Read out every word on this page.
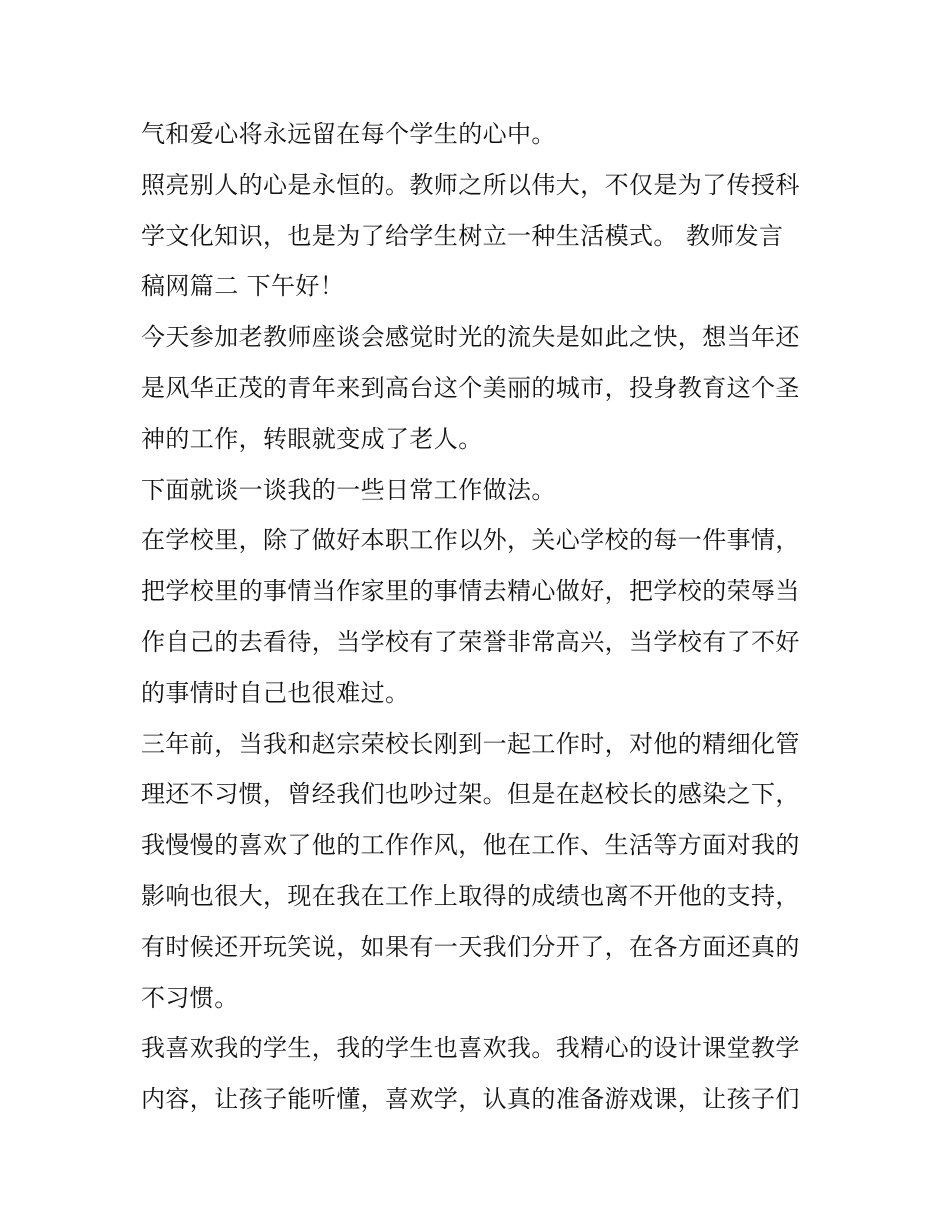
气和爱心将永远留在每个学生的心中。
照亮别人的心是永恒的。教师之所以伟大，不仅是为了传授科
学文化知识，也是为了给学生树立一种生活模式。 教师发言
稿网篇二 下午好！
今天参加老教师座谈会感觉时光的流失是如此之快，想当年还
是风华正茂的青年来到高台这个美丽的城市，投身教育这个圣
神的工作，转眼就变成了老人。
下面就谈一谈我的一些日常工作做法。
在学校里，除了做好本职工作以外，关心学校的每一件事情，
把学校里的事情当作家里的事情去精心做好，把学校的荣辱当
作自己的去看待，当学校有了荣誉非常高兴，当学校有了不好
的事情时自己也很难过。
三年前，当我和赵宗荣校长刚到一起工作时，对他的精细化管
理还不习惯，曾经我们也吵过架。但是在赵校长的感染之下，
我慢慢的喜欢了他的工作作风，他在工作、生活等方面对我的
影响也很大，现在我在工作上取得的成绩也离不开他的支持，
有时候还开玩笑说，如果有一天我们分开了，在各方面还真的
不习惯。
我喜欢我的学生，我的学生也喜欢我。我精心的设计课堂教学
内容，让孩子能听懂，喜欢学，认真的准备游戏课，让孩子们
